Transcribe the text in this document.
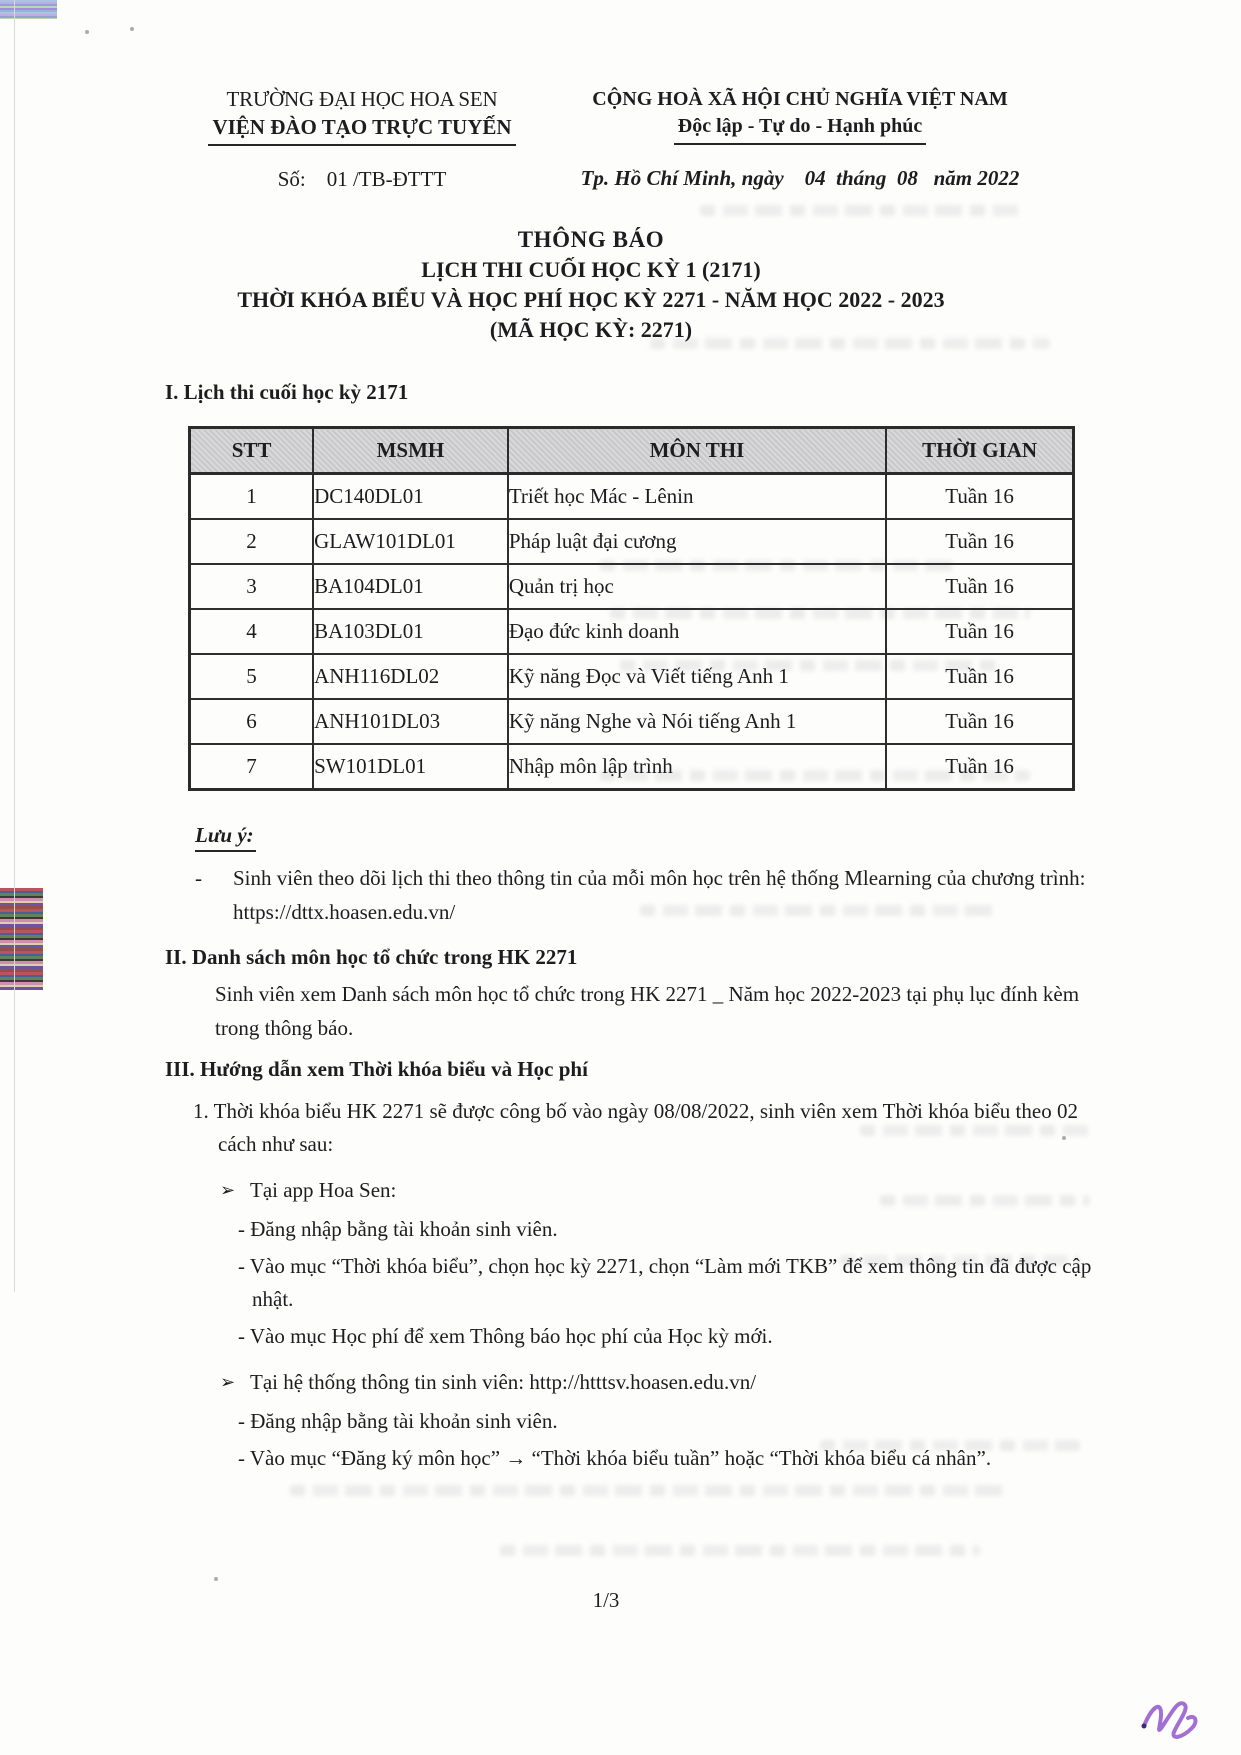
TRƯỜNG ĐẠI HỌC HOA SEN
VIỆN ĐÀO TẠO TRỰC TUYẾN
Số:    01 /TB-ĐTTT
CỘNG HOÀ XÃ HỘI CHỦ NGHĨA VIỆT NAM
Độc lập - Tự do - Hạnh phúc
Tp. Hồ Chí Minh, ngày    04  tháng  08   năm 2022
THÔNG BÁO
LỊCH THI CUỐI HỌC KỲ 1 (2171)
THỜI KHÓA BIỂU VÀ HỌC PHÍ HỌC KỲ 2271 - NĂM HỌC 2022 - 2023
(MÃ HỌC KỲ: 2271)
I. Lịch thi cuối học kỳ 2171
STT	MSMH	MÔN THI	THỜI GIAN
1	DC140DL01	Triết học Mác - Lênin	Tuần 16
2	GLAW101DL01	Pháp luật đại cương	Tuần 16
3	BA104DL01	Quản trị học	Tuần 16
4	BA103DL01	Đạo đức kinh doanh	Tuần 16
5	ANH116DL02	Kỹ năng Đọc và Viết tiếng Anh 1	Tuần 16
6	ANH101DL03	Kỹ năng Nghe và Nói tiếng Anh 1	Tuần 16
7	SW101DL01	Nhập môn lập trình	Tuần 16
Lưu ý:
-	Sinh viên theo dõi lịch thi theo thông tin của mỗi môn học trên hệ thống Mlearning của chương trình: https://dttx.hoasen.edu.vn/
II. Danh sách môn học tổ chức trong HK 2271
Sinh viên xem Danh sách môn học tổ chức trong HK 2271 _ Năm học 2022-2023 tại phụ lục đính kèm trong thông báo.
III. Hướng dẫn xem Thời khóa biểu và Học phí
1. Thời khóa biểu HK 2271 sẽ được công bố vào ngày 08/08/2022, sinh viên xem Thời khóa biểu theo 02 cách như sau:
➢ Tại app Hoa Sen:
- Đăng nhập bằng tài khoản sinh viên.
- Vào mục “Thời khóa biểu”, chọn học kỳ 2271, chọn “Làm mới TKB” để xem thông tin đã được cập nhật.
- Vào mục Học phí để xem Thông báo học phí của Học kỳ mới.
➢ Tại hệ thống thông tin sinh viên: http://htttsv.hoasen.edu.vn/
- Đăng nhập bằng tài khoản sinh viên.
- Vào mục “Đăng ký môn học” → “Thời khóa biểu tuần” hoặc “Thời khóa biểu cá nhân”.
1/3
